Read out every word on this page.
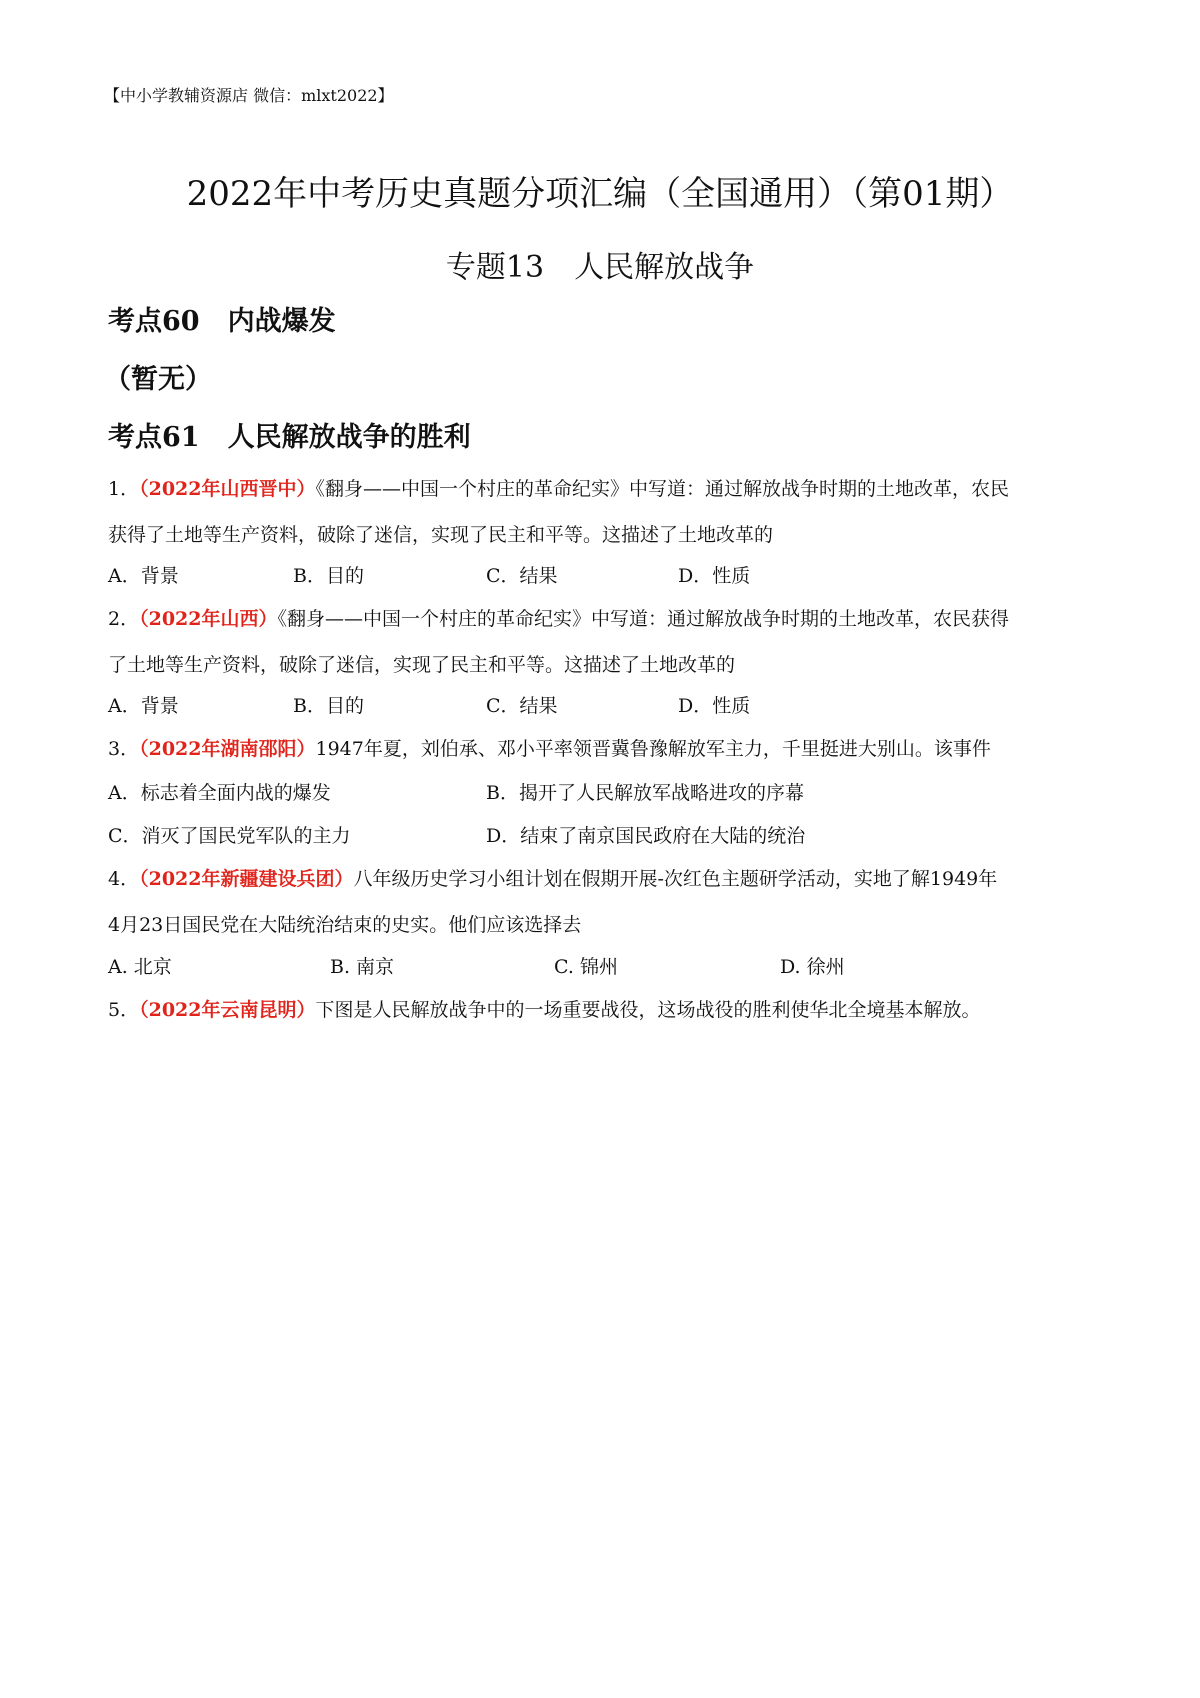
【中小学教辅资源店 微信：mlxt2022】
2022年中考历史真题分项汇编（全国通用）（第01期）
专题13　人民解放战争
考点60 内战爆发
（暂无）
考点61 人民解放战争的胜利
1．（2022年山西晋中）《翻身——中国一个村庄的革命纪实》中写道：通过解放战争时期的土地改革，农民
获得了土地等生产资料，破除了迷信，实现了民主和平等。这描述了土地改革的
A．背景	B．目的	C．结果	D．性质
2．（2022年山西）《翻身——中国一个村庄的革命纪实》中写道：通过解放战争时期的土地改革，农民获得
了土地等生产资料，破除了迷信，实现了民主和平等。这描述了土地改革的
A．背景	B．目的	C．结果	D．性质
3．（2022年湖南邵阳）1947年夏，刘伯承、邓小平率领晋冀鲁豫解放军主力，千里挺进大别山。该事件
A．标志着全面内战的爆发	B．揭开了人民解放军战略进攻的序幕
C．消灭了国民党军队的主力	D．结束了南京国民政府在大陆的统治
4．（2022年新疆建设兵团）八年级历史学习小组计划在假期开展-次红色主题研学活动，实地了解1949年
4月23日国民党在大陆统治结束的史实。他们应该选择去
A. 北京	B. 南京	C. 锦州	D. 徐州
5．（2022年云南昆明）下图是人民解放战争中的一场重要战役，这场战役的胜利使华北全境基本解放。
